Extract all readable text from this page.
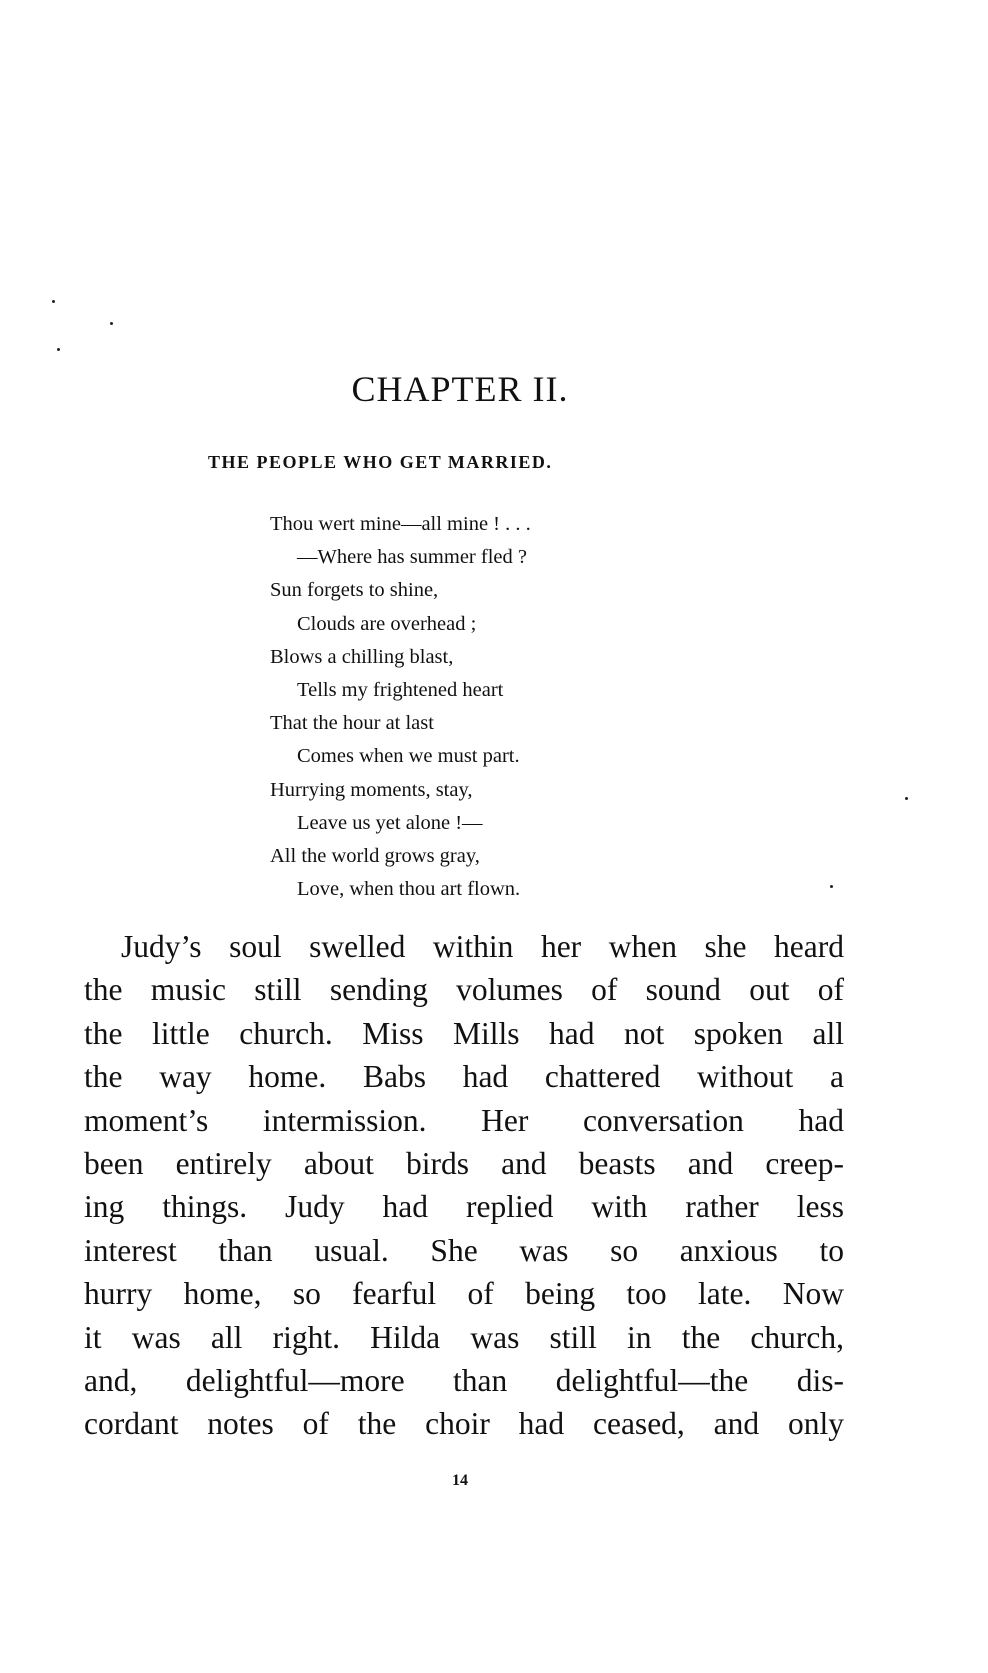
CHAPTER II.
THE PEOPLE WHO GET MARRIED.
Thou wert mine—all mine ! . . .
—Where has summer fled ?
Sun forgets to shine,
Clouds are overhead ;
Blows a chilling blast,
Tells my frightened heart
That the hour at last
Comes when we must part.
Hurrying moments, stay,
Leave us yet alone !—
All the world grows gray,
Love, when thou art flown.
Judy’s soul swelled within her when she heard
the music still sending volumes of sound out of
the little church. Miss Mills had not spoken all
the way home. Babs had chattered without a
moment’s intermission. Her conversation had
been entirely about birds and beasts and creep-
ing things. Judy had replied with rather less
interest than usual. She was so anxious to
hurry home, so fearful of being too late. Now
it was all right. Hilda was still in the church,
and, delightful—more than delightful—the dis-
cordant notes of the choir had ceased, and only
14
